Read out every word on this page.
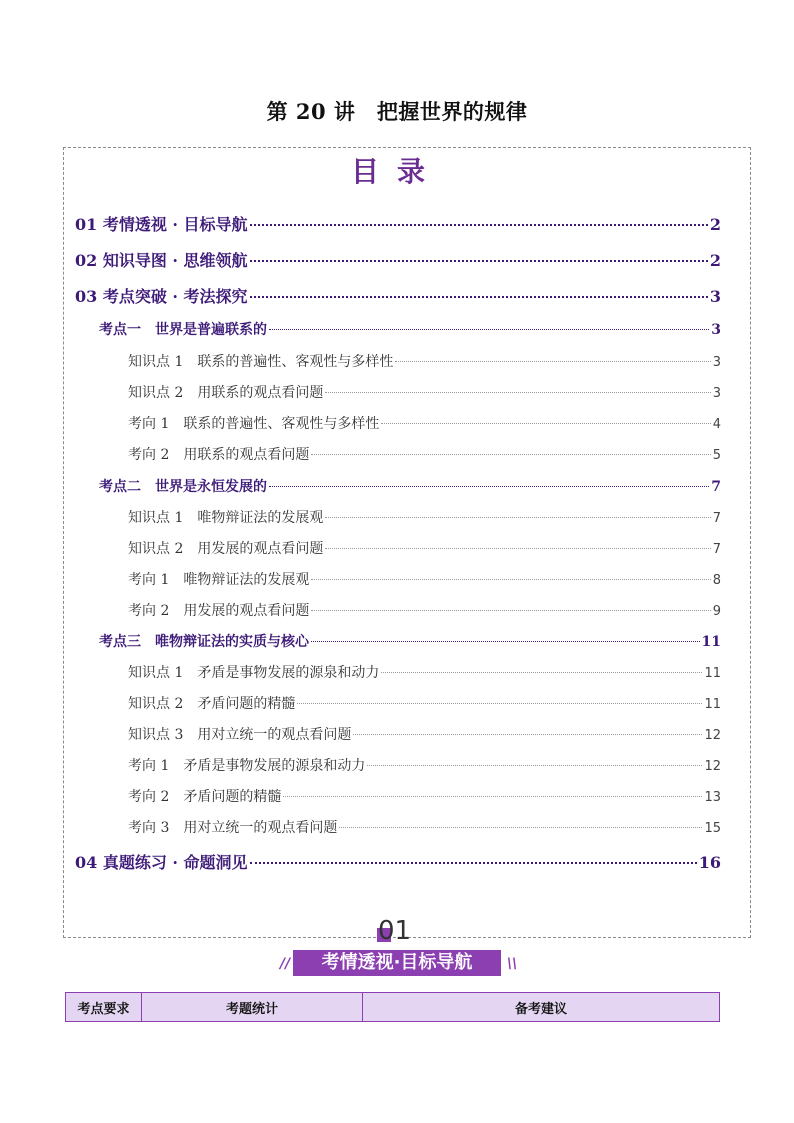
第 20 讲　把握世界的规律
目录
01 考情透视 · 目标导航	2
02 知识导图 · 思维领航	2
03 考点突破 · 考法探究	3
考点一　世界是普遍联系的	3
知识点 1　联系的普遍性、客观性与多样性	3
知识点 2　用联系的观点看问题	3
考向 1　联系的普遍性、客观性与多样性	4
考向 2　用联系的观点看问题	5
考点二　世界是永恒发展的	7
知识点 1　唯物辩证法的发展观	7
知识点 2　用发展的观点看问题	7
考向 1　唯物辩证法的发展观	8
考向 2　用发展的观点看问题	9
考点三　唯物辩证法的实质与核心	11
知识点 1　矛盾是事物发展的源泉和动力	11
知识点 2　矛盾问题的精髓	11
知识点 3　用对立统一的观点看问题	12
考向 1　矛盾是事物发展的源泉和动力	12
考向 2　矛盾问题的精髓	13
考向 3　用对立统一的观点看问题	15
04 真题练习 · 命题洞见	16
01
//	考情透视·目标导航	\\
考点要求	考题统计	备考建议
